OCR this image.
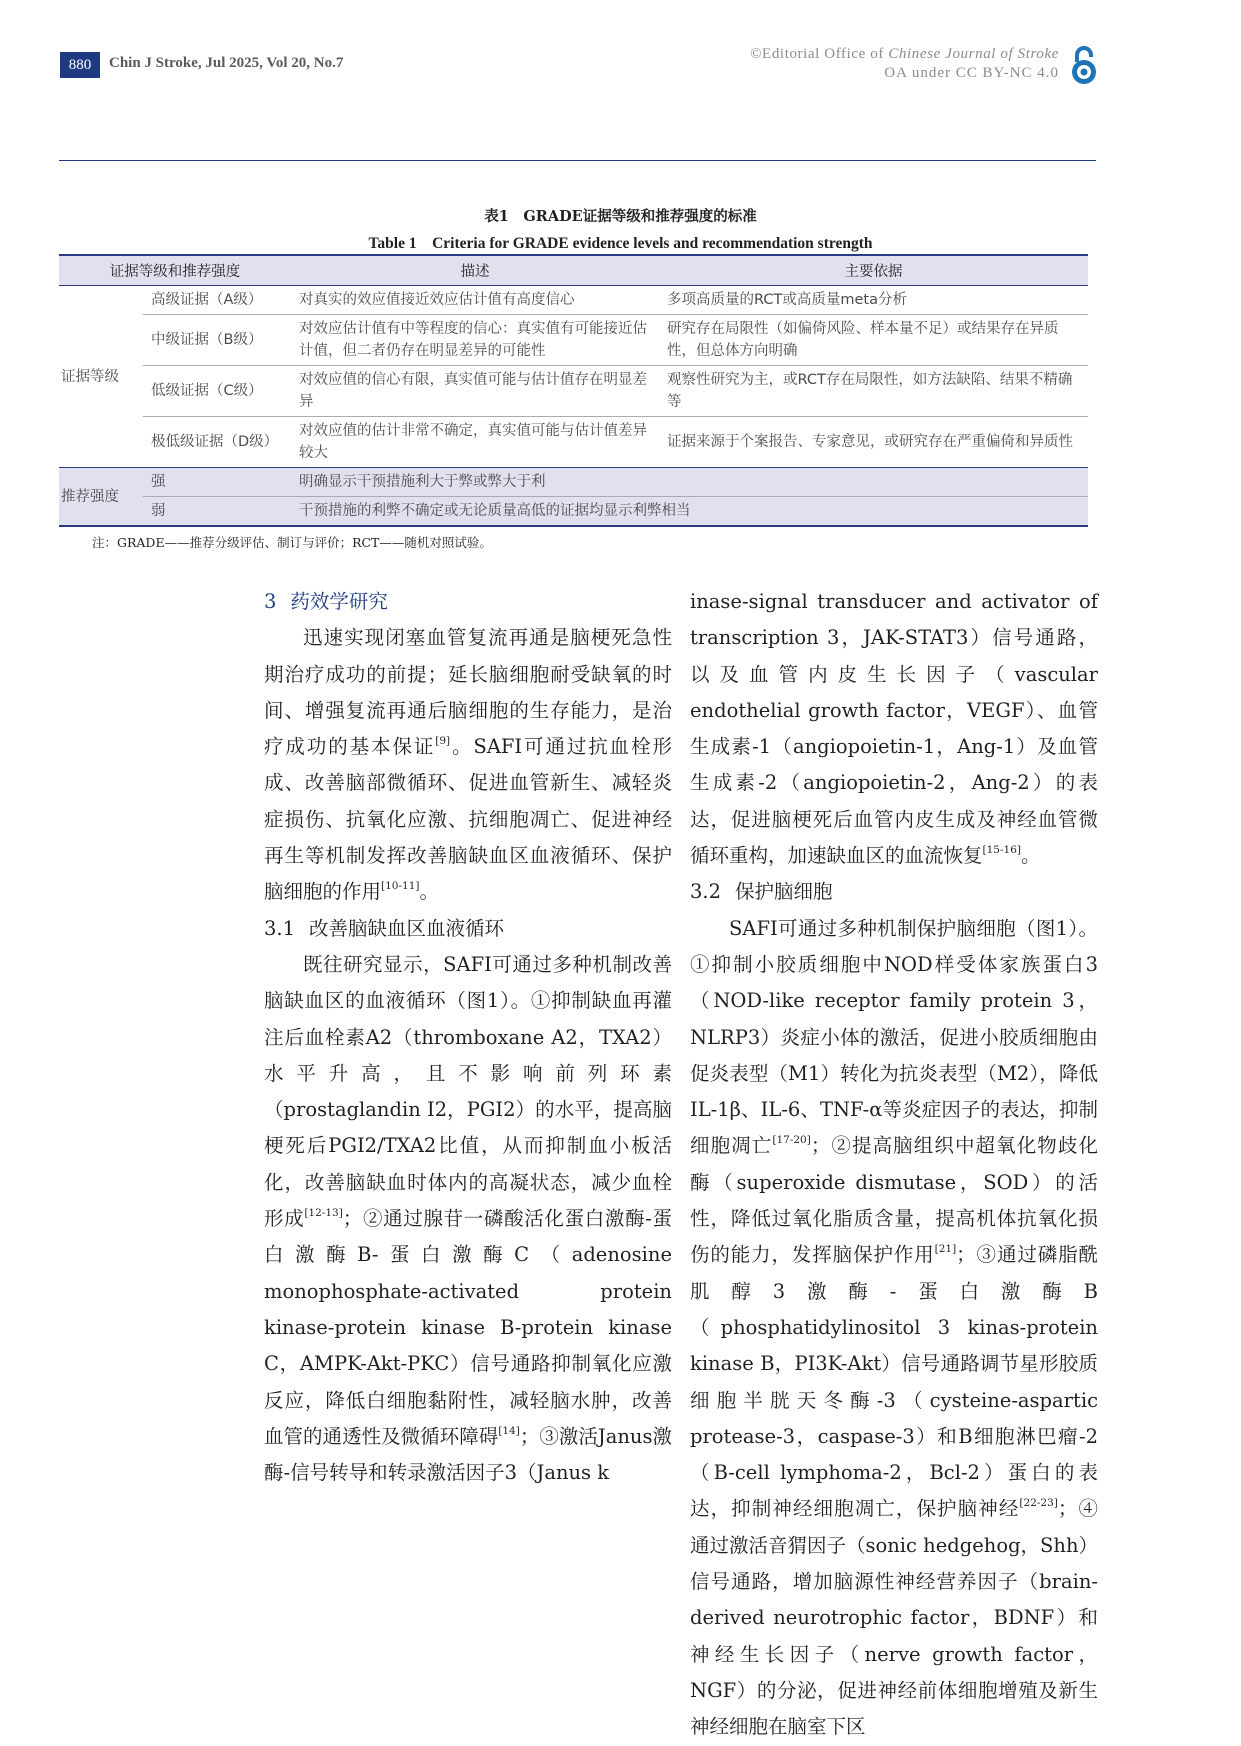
880	Chin J Stroke, Jul 2025, Vol 20, No.7
©Editorial Office of Chinese Journal of Stroke
OA under CC BY-NC 4.0
表1　GRADE证据等级和推荐强度的标准
Table 1　Criteria for GRADE evidence levels and recommendation strength
证据等级和推荐强度		描述	主要依据
证据等级	高级证据（A级）	对真实的效应值接近效应估计值有高度信心	多项高质量的RCT或高质量meta分析
	中级证据（B级）	对效应估计值有中等程度的信心：真实值有可能接近估计值，但二者仍存在明显差异的可能性	研究存在局限性（如偏倚风险、样本量不足）或结果存在异质性，但总体方向明确
	低级证据（C级）	对效应值的信心有限，真实值可能与估计值存在明显差异	观察性研究为主，或RCT存在局限性，如方法缺陷、结果不精确等
	极低级证据（D级）	对效应值的估计非常不确定，真实值可能与估计值差异较大	证据来源于个案报告、专家意见，或研究存在严重偏倚和异质性
推荐强度	强	明确显示干预措施利大于弊或弊大于利	
	弱	干预措施的利弊不确定或无论质量高低的证据均显示利弊相当	
注：GRADE——推荐分级评估、制订与评价；RCT——随机对照试验。

3 药效学研究

迅速实现闭塞血管复流再通是脑梗死急性期治疗成功的前提；延长脑细胞耐受缺氧的时间、增强复流再通后脑细胞的生存能力，是治疗成功的基本保证[9]。SAFI可通过抗血栓形成、改善脑部微循环、促进血管新生、减轻炎症损伤、抗氧化应激、抗细胞凋亡、促进神经再生等机制发挥改善脑缺血区血液循环、保护脑细胞的作用[10-11]。

3.1 改善脑缺血区血液循环

既往研究显示，SAFI可通过多种机制改善脑缺血区的血液循环（图1）。①抑制缺血再灌注后血栓素A2（thromboxane A2，TXA2）水平升高，且不影响前列环素（prostaglandin I2，PGI2）的水平，提高脑梗死后PGI2/TXA2比值，从而抑制血小板活化，改善脑缺血时体内的高凝状态，减少血栓形成[12-13]；②通过腺苷一磷酸活化蛋白激酶-蛋白激酶B-蛋白激酶C（adenosine monophosphate-activated protein kinase-protein kinase B-protein kinase C，AMPK-Akt-PKC）信号通路抑制氧化应激反应，降低白细胞黏附性，减轻脑水肿，改善血管的通透性及微循环障碍[14]；③激活Janus激酶-信号转导和转录激活因子3（Janus k

inase-signal transducer and activator of transcription 3，JAK-STAT3）信号通路，以及血管内皮生长因子（vascular endothelial growth factor，VEGF）、血管生成素-1（angiopoietin-1，Ang-1）及血管生成素-2（angiopoietin-2，Ang-2）的表达，促进脑梗死后血管内皮生成及神经血管微循环重构，加速缺血区的血流恢复[15-16]。

3.2 保护脑细胞

SAFI可通过多种机制保护脑细胞（图1）。①抑制小胶质细胞中NOD样受体家族蛋白3（NOD-like receptor family protein 3，NLRP3）炎症小体的激活，促进小胶质细胞由促炎表型（M1）转化为抗炎表型（M2），降低IL-1β、IL-6、TNF-α等炎症因子的表达，抑制细胞凋亡[17-20]；②提高脑组织中超氧化物歧化酶（superoxide dismutase，SOD）的活性，降低过氧化脂质含量，提高机体抗氧化损伤的能力，发挥脑保护作用[21]；③通过磷脂酰肌醇3激酶-蛋白激酶B（phosphatidylinositol 3 kinas-protein kinase B，PI3K-Akt）信号通路调节星形胶质细胞半胱天冬酶-3（cysteine-aspartic protease-3，caspase-3）和B细胞淋巴瘤-2（B-cell lymphoma-2，Bcl-2）蛋白的表达，抑制神经细胞凋亡，保护脑神经[22-23]；④通过激活音猬因子（sonic hedgehog，Shh）信号通路，增加脑源性神经营养因子（brain-derived neurotrophic factor，BDNF）和神经生长因子（nerve growth factor，NGF）的分泌，促进神经前体细胞增殖及新生神经细胞在脑室下区
